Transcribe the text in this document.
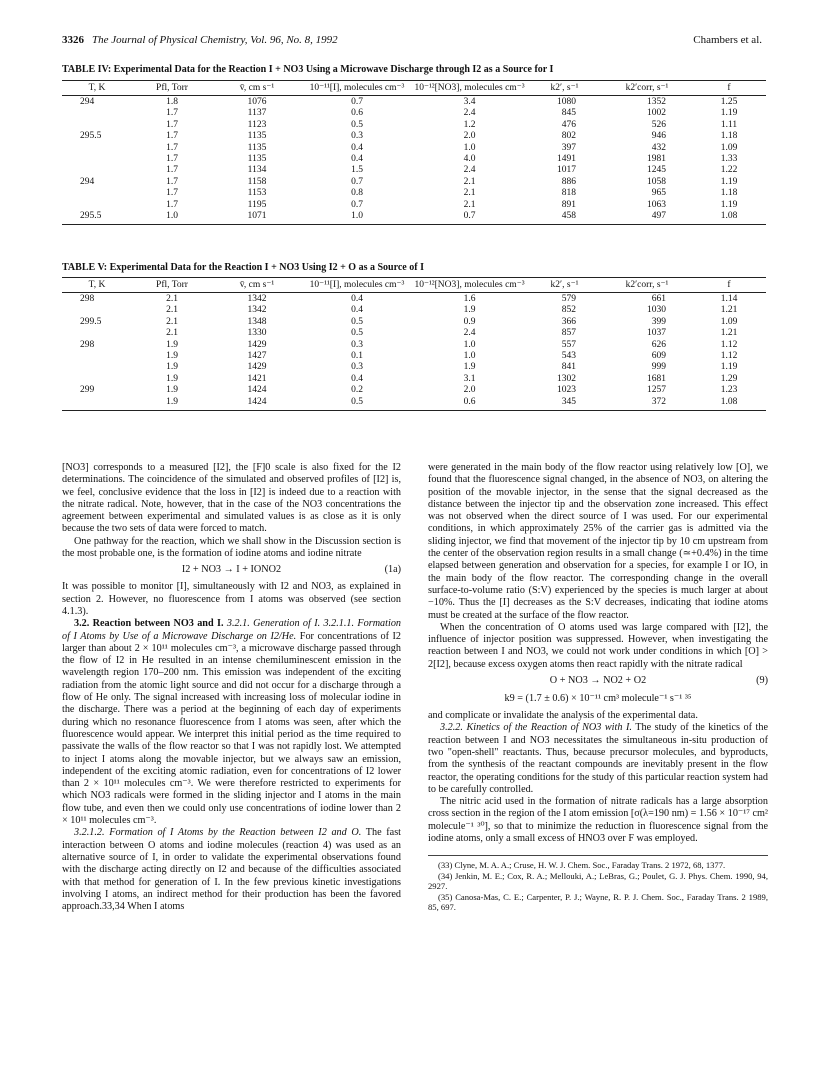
3326 The Journal of Physical Chemistry, Vol. 96, No. 8, 1992	Chambers et al.
TABLE IV: Experimental Data for the Reaction I + NO3 Using a Microwave Discharge through I2 as a Source for I
T, K	Pfl, Torr	v̄, cm s⁻¹	10⁻¹¹[I], molecules cm⁻³	10⁻¹²[NO3], molecules cm⁻³	k2′, s⁻¹	k2′corr, s⁻¹	f
294	1.8	1076	0.7	3.4	1080	1352	1.25
	1.7	1137	0.6	2.4	845	1002	1.19
	1.7	1123	0.5	1.2	476	526	1.11
295.5	1.7	1135	0.3	2.0	802	946	1.18
	1.7	1135	0.4	1.0	397	432	1.09
	1.7	1135	0.4	4.0	1491	1981	1.33
	1.7	1134	1.5	2.4	1017	1245	1.22
294	1.7	1158	0.7	2.1	886	1058	1.19
	1.7	1153	0.8	2.1	818	965	1.18
	1.7	1195	0.7	2.1	891	1063	1.19
295.5	1.0	1071	1.0	0.7	458	497	1.08
TABLE V: Experimental Data for the Reaction I + NO3 Using I2 + O as a Source of I
T, K	Pfl, Torr	v̄, cm s⁻¹	10⁻¹¹[I], molecules cm⁻³	10⁻¹²[NO3], molecules cm⁻³	k2′, s⁻¹	k2′corr, s⁻¹	f
298	2.1	1342	0.4	1.6	579	661	1.14
	2.1	1342	0.4	1.9	852	1030	1.21
299.5	2.1	1348	0.5	0.9	366	399	1.09
	2.1	1330	0.5	2.4	857	1037	1.21
298	1.9	1429	0.3	1.0	557	626	1.12
	1.9	1427	0.1	1.0	543	609	1.12
	1.9	1429	0.3	1.9	841	999	1.19
	1.9	1421	0.4	3.1	1302	1681	1.29
299	1.9	1424	0.2	2.0	1023	1257	1.23
	1.9	1424	0.5	0.6	345	372	1.08

[NO3] corresponds to a measured [I2], the [F]0 scale is also fixed for the I2 determinations. The coincidence of the simulated and observed profiles of [I2] is, we feel, conclusive evidence that the loss in [I2] is indeed due to a reaction with the nitrate radical. Note, however, that in the case of the NO3 concentrations the agreement between experimental and simulated values is as close as it is only because the two sets of data were forced to match.

One pathway for the reaction, which we shall show in the Discussion section is the most probable one, is the formation of iodine atoms and iodine nitrate

I2 + NO3 → I + IONO2	(1a)

It was possible to monitor [I], simultaneously with I2 and NO3, as explained in section 2. However, no fluorescence from I atoms was observed (see section 4.1.3).

3.2. Reaction between NO3 and I. 3.2.1. Generation of I. 3.2.1.1. Formation of I Atoms by Use of a Microwave Discharge on I2/He. For concentrations of I2 larger than about 2 × 10¹¹ molecules cm⁻³, a microwave discharge passed through the flow of I2 in He resulted in an intense chemiluminescent emission in the wavelength region 170–200 nm. This emission was independent of the exciting radiation from the atomic light source and did not occur for a discharge through a flow of He only. The signal increased with increasing loss of molecular iodine in the discharge. There was a period at the beginning of each day of experiments during which no resonance fluorescence from I atoms was seen, after which the fluorescence would appear. We interpret this initial period as the time required to passivate the walls of the flow reactor so that I was not rapidly lost. We attempted to inject I atoms along the movable injector, but we always saw an emission, independent of the exciting atomic radiation, even for concentrations of I2 lower than 2 × 10¹¹ molecules cm⁻³. We were therefore restricted to experiments for which NO3 radicals were formed in the sliding injector and I atoms in the main flow tube, and even then we could only use concentrations of iodine lower than 2 × 10¹¹ molecules cm⁻³.

3.2.1.2. Formation of I Atoms by the Reaction between I2 and O. The fast interaction between O atoms and iodine molecules (reaction 4) was used as an alternative source of I, in order to validate the experimental observations found with the discharge acting directly on I2 and because of the difficulties associated with that method for generation of I. In the few previous kinetic investigations involving I atoms, an indirect method for their production has been the favored approach.33,34 When I atoms

were generated in the main body of the flow reactor using relatively low [O], we found that the fluorescence signal changed, in the absence of NO3, on altering the position of the movable injector, in the sense that the signal decreased as the distance between the injector tip and the observation zone increased. This effect was not observed when the direct source of I was used. For our experimental conditions, in which approximately 25% of the carrier gas is admitted via the sliding injector, we find that movement of the injector tip by 10 cm upstream from the center of the observation region results in a small change (≃+0.4%) in the time elapsed between generation and observation for a species, for example I or IO, in the main body of the flow reactor. The corresponding change in the overall surface-to-volume ratio (S:V) experienced by the species is much larger at about −10%. Thus the [I] decreases as the S:V decreases, indicating that iodine atoms must be created at the surface of the flow reactor.

When the concentration of O atoms used was large compared with [I2], the influence of injector position was suppressed. However, when investigating the reaction between I and NO3, we could not work under conditions in which [O] > 2[I2], because excess oxygen atoms then react rapidly with the nitrate radical

O + NO3 → NO2 + O2	(9)
k9 = (1.7 ± 0.6) × 10⁻¹¹ cm³ molecule⁻¹ s⁻¹ ³⁵

and complicate or invalidate the analysis of the experimental data.

3.2.2. Kinetics of the Reaction of NO3 with I. The study of the kinetics of the reaction between I and NO3 necessitates the simultaneous in-situ production of two "open-shell" reactants. Thus, because precursor molecules, and byproducts, from the synthesis of the reactant compounds are inevitably present in the flow reactor, the operating conditions for the study of this particular reaction system had to be carefully controlled.

The nitric acid used in the formation of nitrate radicals has a large absorption cross section in the region of the I atom emission [σ(λ=190 nm) = 1.56 × 10⁻¹⁷ cm² molecule⁻¹ ³⁰], so that to minimize the reduction in fluorescence signal from the iodine atoms, only a small excess of HNO3 over F was employed.

(33) Clyne, M. A. A.; Cruse, H. W. J. Chem. Soc., Faraday Trans. 2 1972, 68, 1377.
(34) Jenkin, M. E.; Cox, R. A.; Mellouki, A.; LeBras, G.; Poulet, G. J. Phys. Chem. 1990, 94, 2927.
(35) Canosa-Mas, C. E.; Carpenter, P. J.; Wayne, R. P. J. Chem. Soc., Faraday Trans. 2 1989, 85, 697.
